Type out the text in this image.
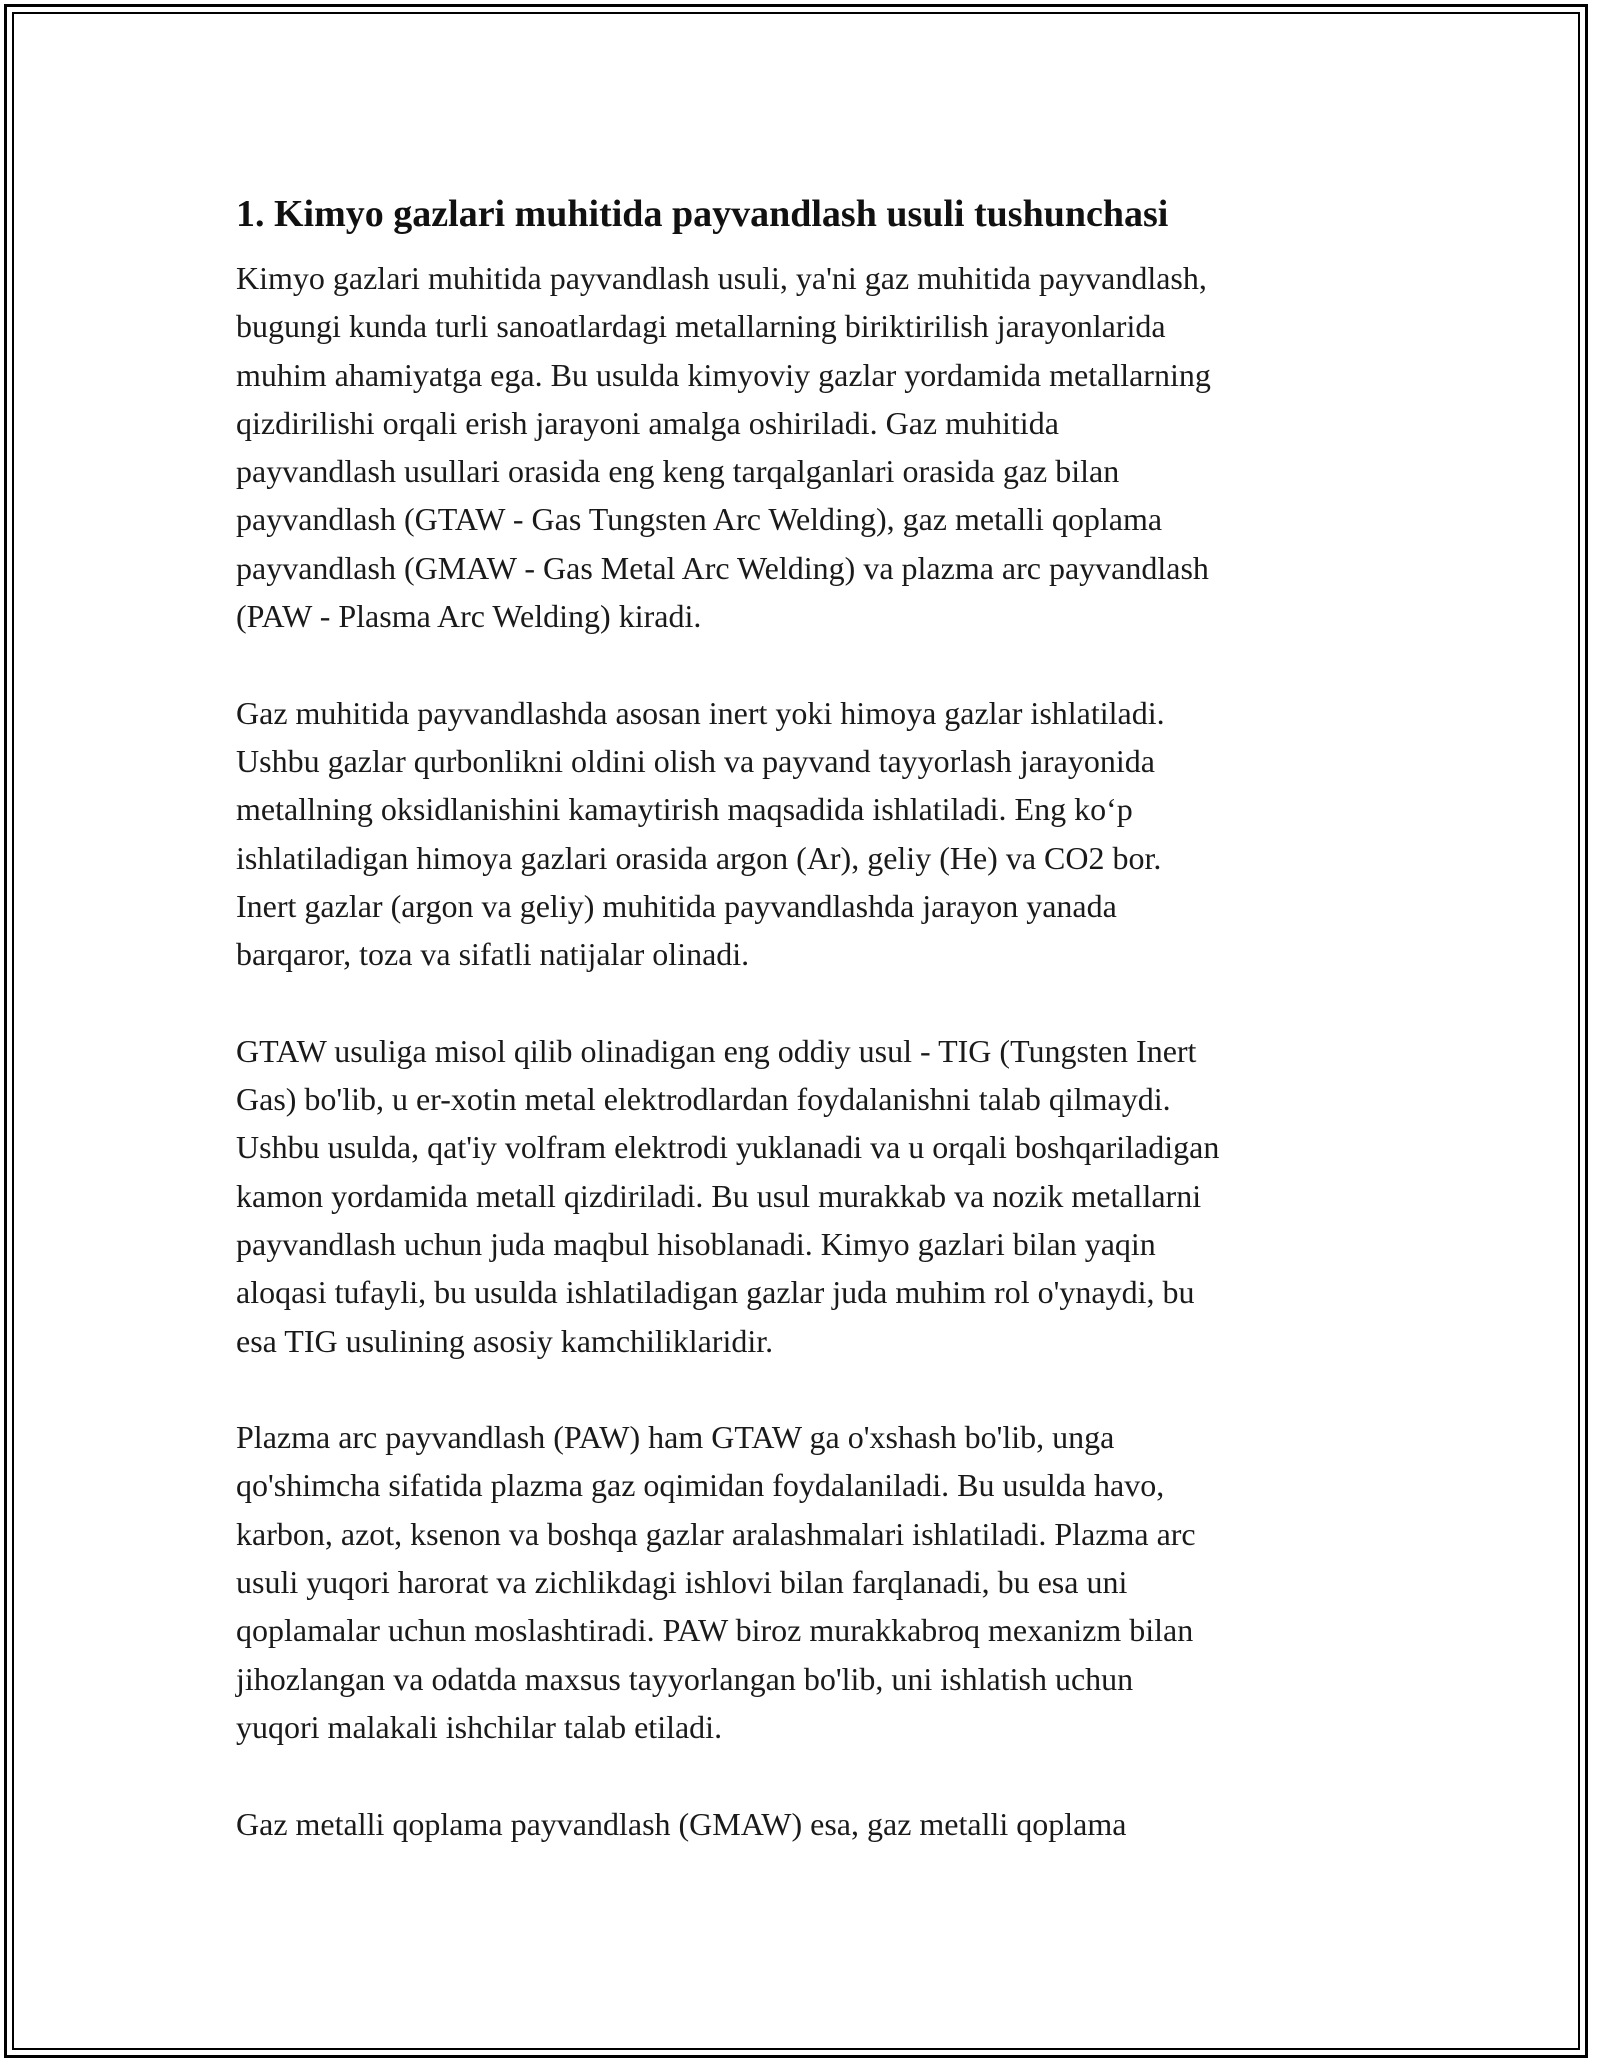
1. Kimyo gazlari muhitida payvandlash usuli tushunchasi

Kimyo gazlari muhitida payvandlash usuli, ya'ni gaz muhitida payvandlash,
bugungi kunda turli sanoatlardagi metallarning biriktirilish jarayonlarida
muhim ahamiyatga ega. Bu usulda kimyoviy gazlar yordamida metallarning
qizdirilishi orqali erish jarayoni amalga oshiriladi. Gaz muhitida
payvandlash usullari orasida eng keng tarqalganlari orasida gaz bilan
payvandlash (GTAW - Gas Tungsten Arc Welding), gaz metalli qoplama
payvandlash (GMAW - Gas Metal Arc Welding) va plazma arc payvandlash
(PAW - Plasma Arc Welding) kiradi.

Gaz muhitida payvandlashda asosan inert yoki himoya gazlar ishlatiladi.
Ushbu gazlar qurbonlikni oldini olish va payvand tayyorlash jarayonida
metallning oksidlanishini kamaytirish maqsadida ishlatiladi. Eng ko‘p
ishlatiladigan himoya gazlari orasida argon (Ar), geliy (He) va CO2 bor.
Inert gazlar (argon va geliy) muhitida payvandlashda jarayon yanada
barqaror, toza va sifatli natijalar olinadi.

GTAW usuliga misol qilib olinadigan eng oddiy usul - TIG (Tungsten Inert
Gas) bo'lib, u er-xotin metal elektrodlardan foydalanishni talab qilmaydi.
Ushbu usulda, qat'iy volfram elektrodi yuklanadi va u orqali boshqariladigan
kamon yordamida metall qizdiriladi. Bu usul murakkab va nozik metallarni
payvandlash uchun juda maqbul hisoblanadi. Kimyo gazlari bilan yaqin
aloqasi tufayli, bu usulda ishlatiladigan gazlar juda muhim rol o'ynaydi, bu
esa TIG usulining asosiy kamchiliklaridir.

Plazma arc payvandlash (PAW) ham GTAW ga o'xshash bo'lib, unga
qo'shimcha sifatida plazma gaz oqimidan foydalaniladi. Bu usulda havo,
karbon, azot, ksenon va boshqa gazlar aralashmalari ishlatiladi. Plazma arc
usuli yuqori harorat va zichlikdagi ishlovi bilan farqlanadi, bu esa uni
qoplamalar uchun moslashtiradi. PAW biroz murakkabroq mexanizm bilan
jihozlangan va odatda maxsus tayyorlangan bo'lib, uni ishlatish uchun
yuqori malakali ishchilar talab etiladi.

Gaz metalli qoplama payvandlash (GMAW) esa, gaz metalli qoplama
